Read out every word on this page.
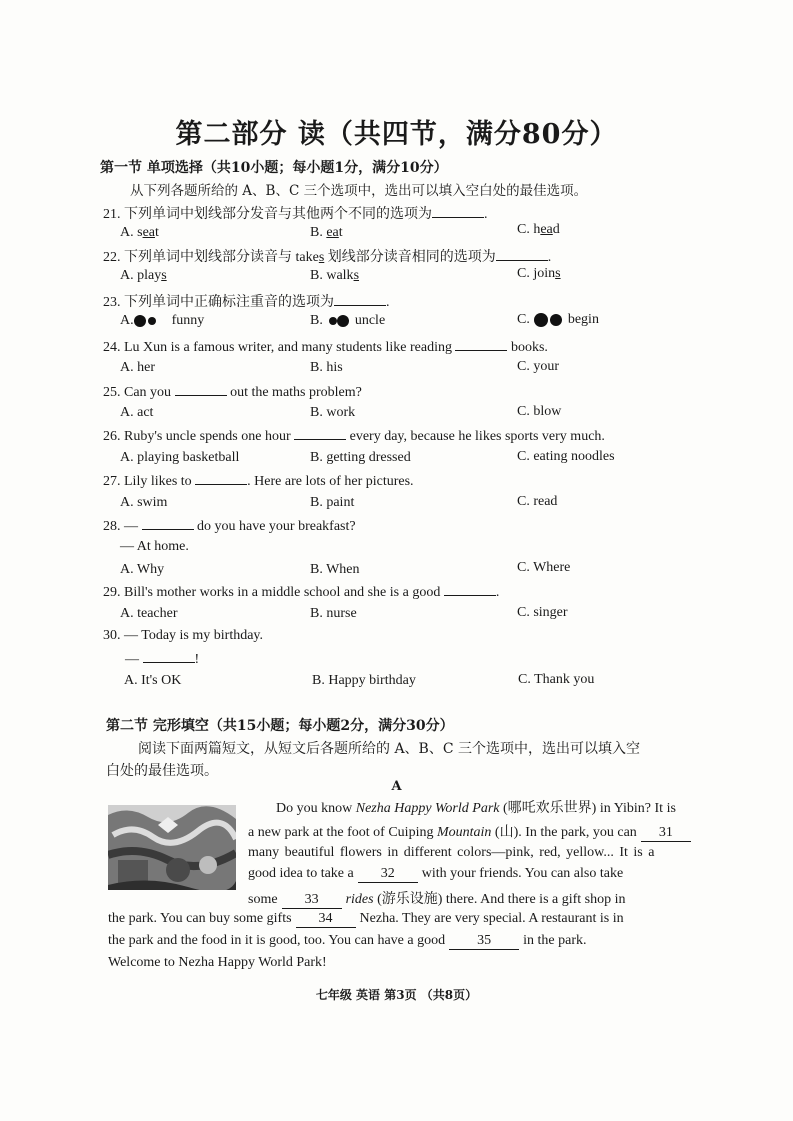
第二部分 读（共四节，满分80分）
第一节 单项选择（共10小题；每小题1分，满分10分）
从下列各题所给的 A、B、C 三个选项中，选出可以填入空白处的最佳选项。
21. 下列单词中划线部分发音与其他两个不同的选项为	.
A. seat	B. eat	C. head
22. 下列单词中划线部分读音与 takes 划线部分读音相同的选项为	.
A. plays	B. walks	C. joins
23. 下列单词中正确标注重音的选项为	.
A.	funny	B. uncle	C.	begin
24. Lu Xun is a famous writer, and many students like reading	books.
A. her	B. his	C. your
25. Can you	out the maths problem?
A. act	B. work	C. blow
26. Ruby's uncle spends one hour	every day, because he likes sports very much.
A. playing basketball	B. getting dressed	C. eating noodles
27. Lily likes to	. Here are lots of her pictures.
A. swim	B. paint	C. read
28. —	do you have your breakfast?
— At home.
A. Why	B. When	C. Where
29. Bill's mother works in a middle school and she is a good	.
A. teacher	B. nurse	C. singer
30. — Today is my birthday.
—	!
A. It's OK	B. Happy birthday	C. Thank you
第二节 完形填空（共15小题；每小题2分，满分30分）
阅读下面两篇短文，从短文后各题所给的 A、B、C 三个选项中，选出可以填入空
白处的最佳选项。
A
Do you know Nezha Happy World Park (哪吒欢乐世界) in Yibin? It is
a new park at the foot of Cuiping Mountain (山). In the park, you can 31
many beautiful flowers in different colors—pink, red, yellow... It is a
good idea to take a 32 with your friends. You can also take
some 33 rides (游乐设施) there. And there is a gift shop in
the park. You can buy some gifts 34 Nezha. They are very special. A restaurant is in
the park and the food in it is good, too. You can have a good 35 in the park.
Welcome to Nezha Happy World Park!
七年级 英语 第3页 （共8页）
